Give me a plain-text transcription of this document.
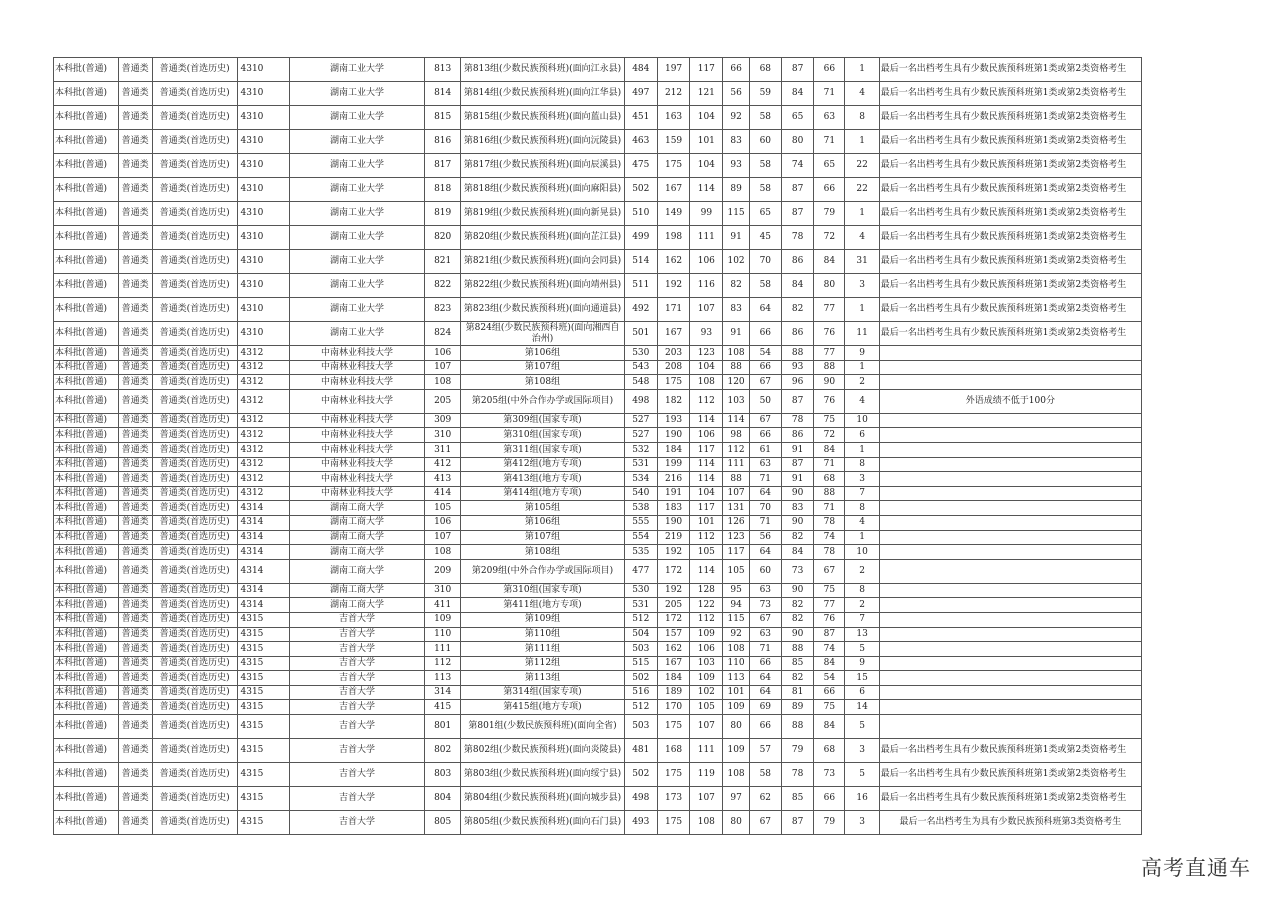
本科批(普通)	普通类	普通类(首选历史)	4310	湖南工业大学	813	第813组(少数民族预科班)(面向江永县)	484	197	117	66	68	87	66	1	最后一名出档考生具有少数民族预科班第1类或第2类资格考生
本科批(普通)	普通类	普通类(首选历史)	4310	湖南工业大学	814	第814组(少数民族预科班)(面向江华县)	497	212	121	56	59	84	71	4	最后一名出档考生具有少数民族预科班第1类或第2类资格考生
本科批(普通)	普通类	普通类(首选历史)	4310	湖南工业大学	815	第815组(少数民族预科班)(面向蓝山县)	451	163	104	92	58	65	63	8	最后一名出档考生具有少数民族预科班第1类或第2类资格考生
本科批(普通)	普通类	普通类(首选历史)	4310	湖南工业大学	816	第816组(少数民族预科班)(面向沅陵县)	463	159	101	83	60	80	71	1	最后一名出档考生具有少数民族预科班第1类或第2类资格考生
本科批(普通)	普通类	普通类(首选历史)	4310	湖南工业大学	817	第817组(少数民族预科班)(面向辰溪县)	475	175	104	93	58	74	65	22	最后一名出档考生具有少数民族预科班第1类或第2类资格考生
本科批(普通)	普通类	普通类(首选历史)	4310	湖南工业大学	818	第818组(少数民族预科班)(面向麻阳县)	502	167	114	89	58	87	66	22	最后一名出档考生具有少数民族预科班第1类或第2类资格考生
本科批(普通)	普通类	普通类(首选历史)	4310	湖南工业大学	819	第819组(少数民族预科班)(面向新晃县)	510	149	99	115	65	87	79	1	最后一名出档考生具有少数民族预科班第1类或第2类资格考生
本科批(普通)	普通类	普通类(首选历史)	4310	湖南工业大学	820	第820组(少数民族预科班)(面向芷江县)	499	198	111	91	45	78	72	4	最后一名出档考生具有少数民族预科班第1类或第2类资格考生
本科批(普通)	普通类	普通类(首选历史)	4310	湖南工业大学	821	第821组(少数民族预科班)(面向会同县)	514	162	106	102	70	86	84	31	最后一名出档考生具有少数民族预科班第1类或第2类资格考生
本科批(普通)	普通类	普通类(首选历史)	4310	湖南工业大学	822	第822组(少数民族预科班)(面向靖州县)	511	192	116	82	58	84	80	3	最后一名出档考生具有少数民族预科班第1类或第2类资格考生
本科批(普通)	普通类	普通类(首选历史)	4310	湖南工业大学	823	第823组(少数民族预科班)(面向通道县)	492	171	107	83	64	82	77	1	最后一名出档考生具有少数民族预科班第1类或第2类资格考生
本科批(普通)	普通类	普通类(首选历史)	4310	湖南工业大学	824	第824组(少数民族预科班)(面向湘西自治州)	501	167	93	91	66	86	76	11	最后一名出档考生具有少数民族预科班第1类或第2类资格考生
本科批(普通)	普通类	普通类(首选历史)	4312	中南林业科技大学	106	第106组	530	203	123	108	54	88	77	9	
本科批(普通)	普通类	普通类(首选历史)	4312	中南林业科技大学	107	第107组	543	208	104	88	66	93	88	1	
本科批(普通)	普通类	普通类(首选历史)	4312	中南林业科技大学	108	第108组	548	175	108	120	67	96	90	2	
本科批(普通)	普通类	普通类(首选历史)	4312	中南林业科技大学	205	第205组(中外合作办学或国际项目)	498	182	112	103	50	87	76	4	外语成绩不低于100分
本科批(普通)	普通类	普通类(首选历史)	4312	中南林业科技大学	309	第309组(国家专项)	527	193	114	114	67	78	75	10	
本科批(普通)	普通类	普通类(首选历史)	4312	中南林业科技大学	310	第310组(国家专项)	527	190	106	98	66	86	72	6	
本科批(普通)	普通类	普通类(首选历史)	4312	中南林业科技大学	311	第311组(国家专项)	532	184	117	112	61	91	84	1	
本科批(普通)	普通类	普通类(首选历史)	4312	中南林业科技大学	412	第412组(地方专项)	531	199	114	111	63	87	71	8	
本科批(普通)	普通类	普通类(首选历史)	4312	中南林业科技大学	413	第413组(地方专项)	534	216	114	88	71	91	68	3	
本科批(普通)	普通类	普通类(首选历史)	4312	中南林业科技大学	414	第414组(地方专项)	540	191	104	107	64	90	88	7	
本科批(普通)	普通类	普通类(首选历史)	4314	湖南工商大学	105	第105组	538	183	117	131	70	83	71	8	
本科批(普通)	普通类	普通类(首选历史)	4314	湖南工商大学	106	第106组	555	190	101	126	71	90	78	4	
本科批(普通)	普通类	普通类(首选历史)	4314	湖南工商大学	107	第107组	554	219	112	123	56	82	74	1	
本科批(普通)	普通类	普通类(首选历史)	4314	湖南工商大学	108	第108组	535	192	105	117	64	84	78	10	
本科批(普通)	普通类	普通类(首选历史)	4314	湖南工商大学	209	第209组(中外合作办学或国际项目)	477	172	114	105	60	73	67	2	
本科批(普通)	普通类	普通类(首选历史)	4314	湖南工商大学	310	第310组(国家专项)	530	192	128	95	63	90	75	8	
本科批(普通)	普通类	普通类(首选历史)	4314	湖南工商大学	411	第411组(地方专项)	531	205	122	94	73	82	77	2	
本科批(普通)	普通类	普通类(首选历史)	4315	吉首大学	109	第109组	512	172	112	115	67	82	76	7	
本科批(普通)	普通类	普通类(首选历史)	4315	吉首大学	110	第110组	504	157	109	92	63	90	87	13	
本科批(普通)	普通类	普通类(首选历史)	4315	吉首大学	111	第111组	503	162	106	108	71	88	74	5	
本科批(普通)	普通类	普通类(首选历史)	4315	吉首大学	112	第112组	515	167	103	110	66	85	84	9	
本科批(普通)	普通类	普通类(首选历史)	4315	吉首大学	113	第113组	502	184	109	113	64	82	54	15	
本科批(普通)	普通类	普通类(首选历史)	4315	吉首大学	314	第314组(国家专项)	516	189	102	101	64	81	66	6	
本科批(普通)	普通类	普通类(首选历史)	4315	吉首大学	415	第415组(地方专项)	512	170	105	109	69	89	75	14	
本科批(普通)	普通类	普通类(首选历史)	4315	吉首大学	801	第801组(少数民族预科班)(面向全省)	503	175	107	80	66	88	84	5	
本科批(普通)	普通类	普通类(首选历史)	4315	吉首大学	802	第802组(少数民族预科班)(面向炎陵县)	481	168	111	109	57	79	68	3	最后一名出档考生具有少数民族预科班第1类或第2类资格考生
本科批(普通)	普通类	普通类(首选历史)	4315	吉首大学	803	第803组(少数民族预科班)(面向绥宁县)	502	175	119	108	58	78	73	5	最后一名出档考生具有少数民族预科班第1类或第2类资格考生
本科批(普通)	普通类	普通类(首选历史)	4315	吉首大学	804	第804组(少数民族预科班)(面向城步县)	498	173	107	97	62	85	66	16	最后一名出档考生具有少数民族预科班第1类或第2类资格考生
本科批(普通)	普通类	普通类(首选历史)	4315	吉首大学	805	第805组(少数民族预科班)(面向石门县)	493	175	108	80	67	87	79	3	最后一名出档考生为具有少数民族预科班第3类资格考生
高考直通车
